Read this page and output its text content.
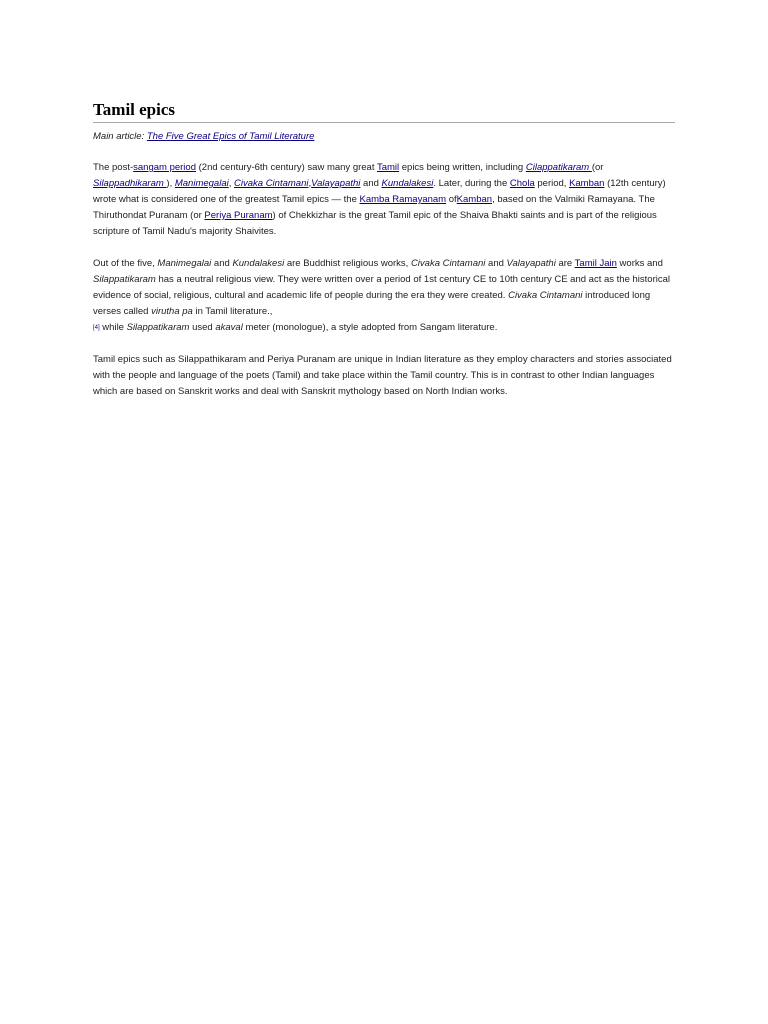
Tamil epics
Main article: The Five Great Epics of Tamil Literature

The post-sangam period (2nd century-6th century) saw many great Tamil epics being written, including Cilappatikaram (or Silappadhikaram ), Manimegalai, Civaka Cintamani,Valayapathi and Kundalakesi. Later, during the Chola period, Kamban (12th century) wrote what is considered one of the greatest Tamil epics — the Kamba Ramayanam ofKamban, based on the Valmiki Ramayana. The Thiruthondat Puranam (or Periya Puranam) of Chekkizhar is the great Tamil epic of the Shaiva Bhakti saints and is part of the religious scripture of Tamil Nadu's majority Shaivites.

Out of the five, Manimegalai and Kundalakesi are Buddhist religious works, Civaka Cintamani and Valayapathi are Tamil Jain works and Silappatikaram has a neutral religious view. They were written over a period of 1st century CE to 10th century CE and act as the historical evidence of social, religious, cultural and academic life of people during the era they were created. Civaka Cintamani introduced long verses called virutha pa in Tamil literature.,
[4] while Silappatikaram used akaval meter (monologue), a style adopted from Sangam literature.

Tamil epics such as Silappathikaram and Periya Puranam are unique in Indian literature as they employ characters and stories associated with the people and language of the poets (Tamil) and take place within the Tamil country. This is in contrast to other Indian languages which are based on Sanskrit works and deal with Sanskrit mythology based on North Indian works.
